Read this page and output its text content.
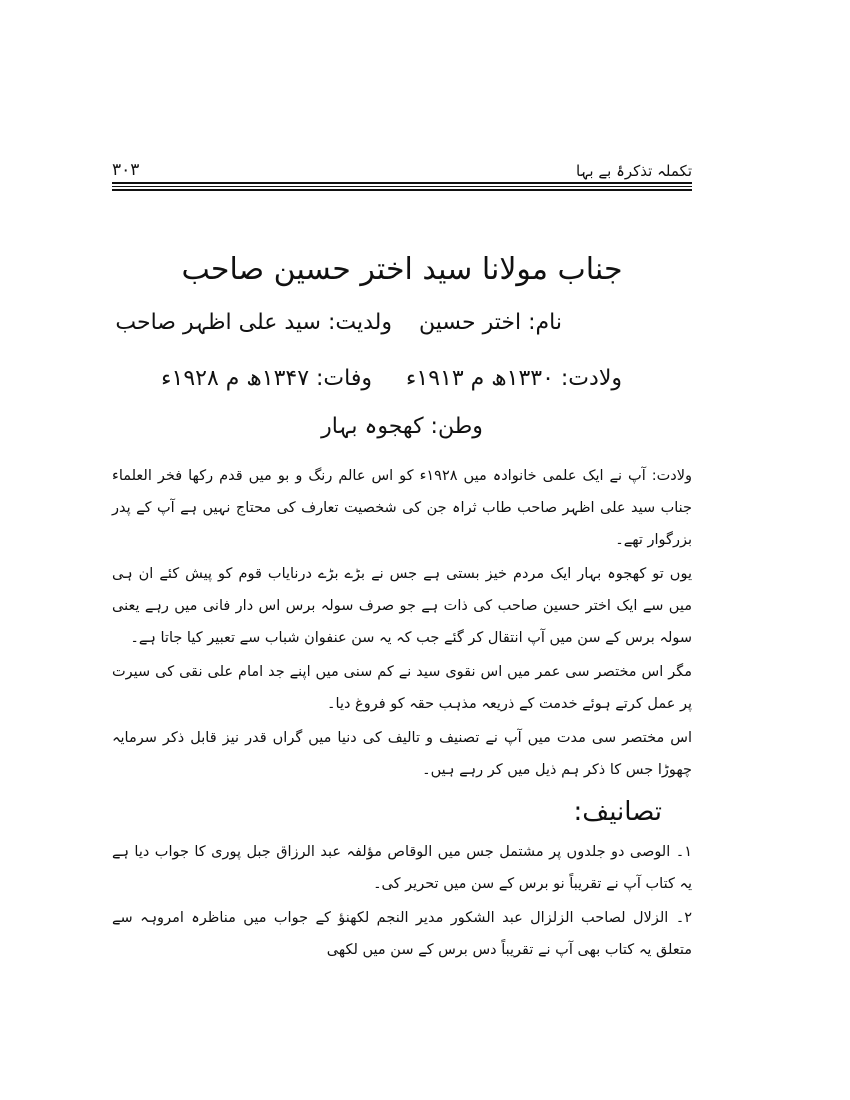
تکملہ تذکرۂ بے بہا
۳۰۳
جناب مولانا سید اختر حسین صاحب
نام: اختر حسین
ولدیت: سید علی اظہر صاحب
ولادت: ۱۳۳۰ھ م ۱۹۱۳ء
وفات: ۱۳۴۷ھ م ۱۹۲۸ء
وطن: کھجوہ بہار

ولادت: آپ نے ایک علمی خانوادہ میں ۱۹۲۸ء کو اس عالم رنگ و بو میں قدم رکھا فخر العلماء جناب سید علی اظہر صاحب طاب ثراہ جن کی شخصیت تعارف کی محتاج نہیں ہے آپ کے پدر بزرگوار تھے۔

یوں تو کھجوہ بہار ایک مردم خیز بستی ہے جس نے بڑے بڑے درنایاب قوم کو پیش کئے ان ہی میں سے ایک اختر حسین صاحب کی ذات ہے جو صرف سولہ برس اس دار فانی میں رہے یعنی سولہ برس کے سن میں آپ انتقال کر گئے جب کہ یہ سن عنفوان شباب سے تعبیر کیا جاتا ہے۔

مگر اس مختصر سی عمر میں اس نقوی سید نے کم سنی میں اپنے جد امام علی نقی کی سیرت پر عمل کرتے ہوئے خدمت کے ذریعہ مذہب حقہ کو فروغ دیا۔

اس مختصر سی مدت میں آپ نے تصنیف و تالیف کی دنیا میں گراں قدر نیز قابل ذکر سرمایہ چھوڑا جس کا ذکر ہم ذیل میں کر رہے ہیں۔

تصانیف:

۱۔ الوصی دو جلدوں پر مشتمل جس میں الوقاص مؤلفہ عبد الرزاق جبل پوری کا جواب دیا ہے یہ کتاب آپ نے تقریباً نو برس کے سن میں تحریر کی۔

۲۔ الزلال لصاحب الزلزال عبد الشکور مدیر النجم لکھنؤ کے جواب میں مناظرہ امروہہ سے متعلق یہ کتاب بھی آپ نے تقریباً دس برس کے سن میں لکھی
